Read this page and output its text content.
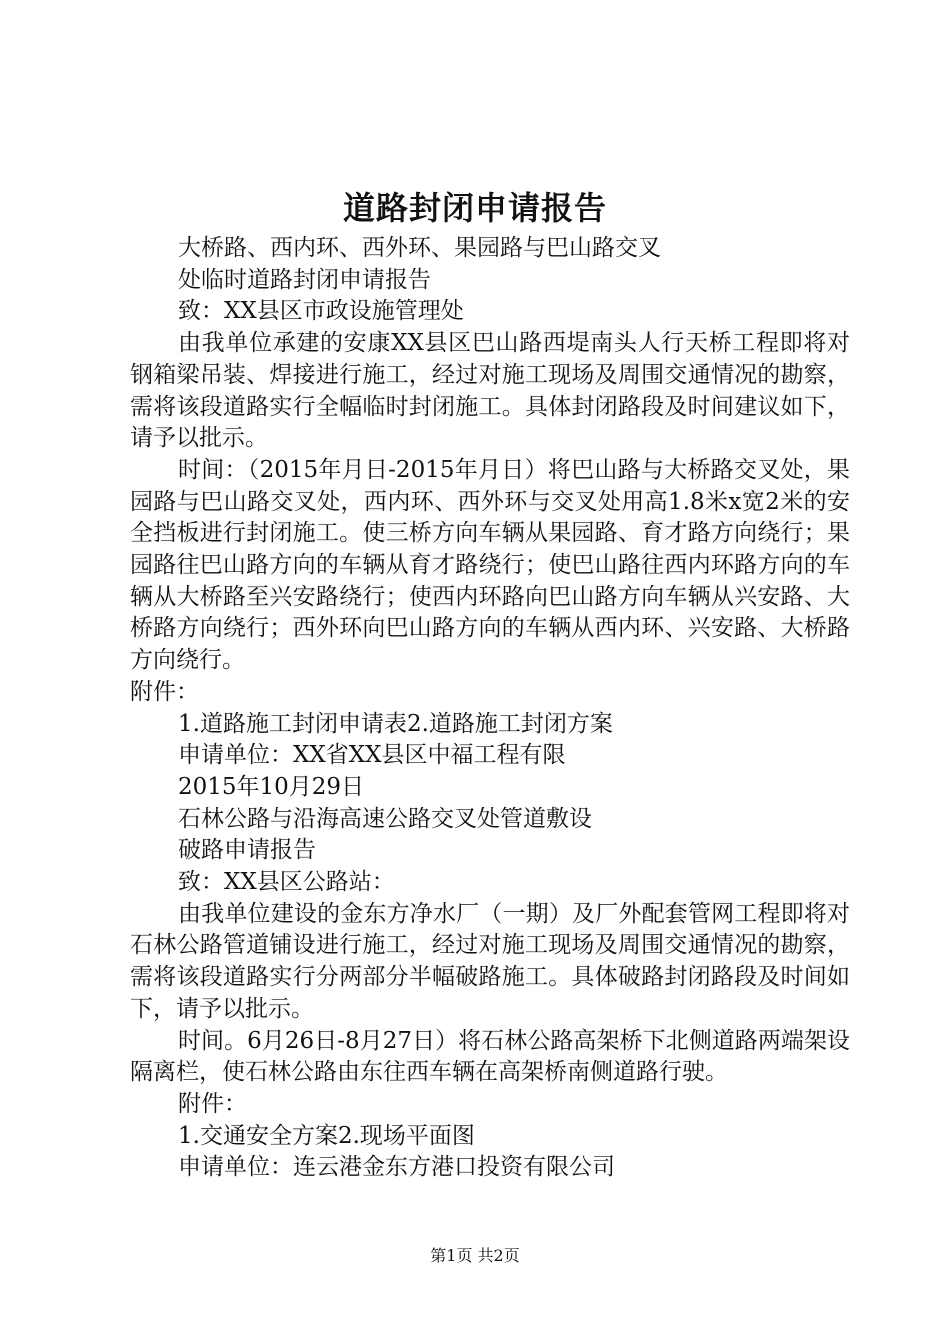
道路封闭申请报告

大桥路、西内环、西外环、果园路与巴山路交叉

处临时道路封闭申请报告

致：XX县区市政设施管理处

由我单位承建的安康XX县区巴山路西堤南头人行天桥工程即将对钢箱梁吊装、焊接进行施工，经过对施工现场及周围交通情况的勘察，需将该段道路实行全幅临时封闭施工。具体封闭路段及时间建议如下，请予以批示。

时间：（2015年月日-2015年月日）将巴山路与大桥路交叉处，果园路与巴山路交叉处，西内环、西外环与交叉处用高1.8米x宽2米的安全挡板进行封闭施工。使三桥方向车辆从果园路、育才路方向绕行；果园路往巴山路方向的车辆从育才路绕行；使巴山路往西内环路方向的车辆从大桥路至兴安路绕行；使西内环路向巴山路方向车辆从兴安路、大桥路方向绕行；西外环向巴山路方向的车辆从西内环、兴安路、大桥路方向绕行。

附件：

1.道路施工封闭申请表2.道路施工封闭方案

申请单位：XX省XX县区中福工程有限

2015年10月29日

石林公路与沿海高速公路交叉处管道敷设

破路申请报告

致：XX县区公路站：

由我单位建设的金东方净水厂（一期）及厂外配套管网工程即将对石林公路管道铺设进行施工，经过对施工现场及周围交通情况的勘察，需将该段道路实行分两部分半幅破路施工。具体破路封闭路段及时间如下，请予以批示。

时间。6月26日-8月27日）将石林公路高架桥下北侧道路两端架设隔离栏，使石林公路由东往西车辆在高架桥南侧道路行驶。

附件：

1.交通安全方案2.现场平面图

申请单位：连云港金东方港口投资有限公司

第1页 共2页
